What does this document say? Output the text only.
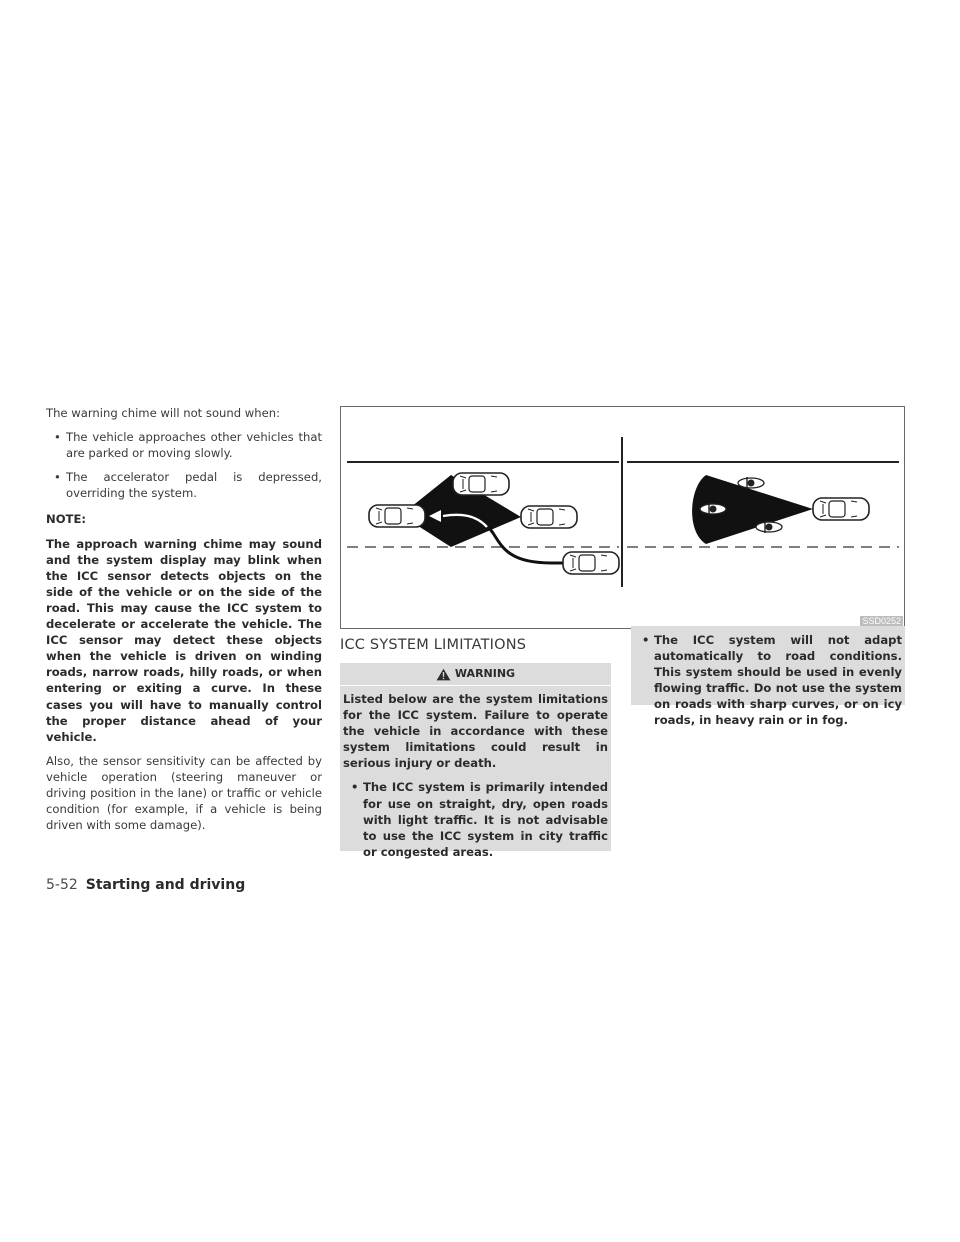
The warning chime will not sound when:

• The vehicle approaches other vehicles that are parked or moving slowly.

• The accelerator pedal is depressed, overriding the system.

NOTE:

The approach warning chime may sound and the system display may blink when the ICC sensor detects objects on the side of the vehicle or on the side of the road. This may cause the ICC system to decelerate or accelerate the vehicle. The ICC sensor may detect these objects when the vehicle is driven on winding roads, narrow roads, hilly roads, or when entering or exiting a curve. In these cases you will have to manually control the proper distance ahead of your vehicle.

Also, the sensor sensitivity can be affected by vehicle operation (steering maneuver or driving position in the lane) or traffic or vehicle condition (for example, if a vehicle is being driven with some damage).

SSD0252
ICC SYSTEM LIMITATIONS
WARNING

Listed below are the system limitations for the ICC system. Failure to operate the vehicle in accordance with these system limitations could result in serious injury or death.

• The ICC system is primarily intended for use on straight, dry, open roads with light traffic. It is not advisable to use the ICC system in city traffic or congested areas.

• The ICC system will not adapt automatically to road conditions. This system should be used in evenly flowing traffic. Do not use the system on roads with sharp curves, or on icy roads, in heavy rain or in fog.

5-52 Starting and driving
